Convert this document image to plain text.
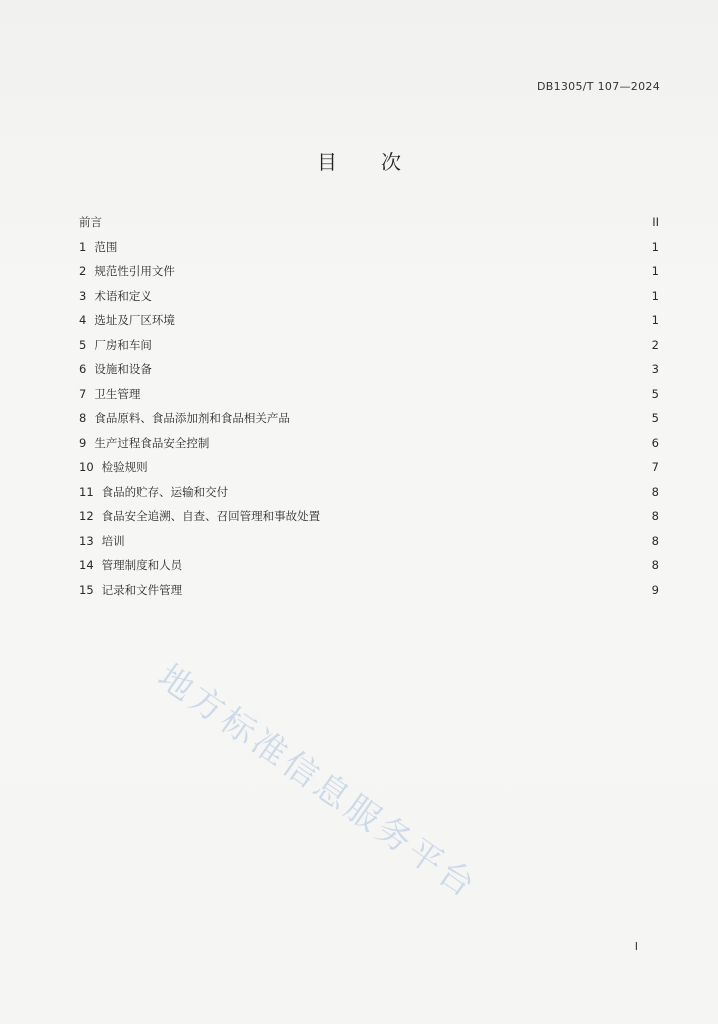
DB1305/T 107—2024
目次
前言	II
1 范围	1
2 规范性引用文件	1
3 术语和定义	1
4 选址及厂区环境	1
5 厂房和车间	2
6 设施和设备	3
7 卫生管理	5
8 食品原料、食品添加剂和食品相关产品	5
9 生产过程食品安全控制	6
10 检验规则	7
11 食品的贮存、运输和交付	8
12 食品安全追溯、自查、召回管理和事故处置	8
13 培训	8
14 管理制度和人员	8
15 记录和文件管理	9
地方标准信息服务平台
I
